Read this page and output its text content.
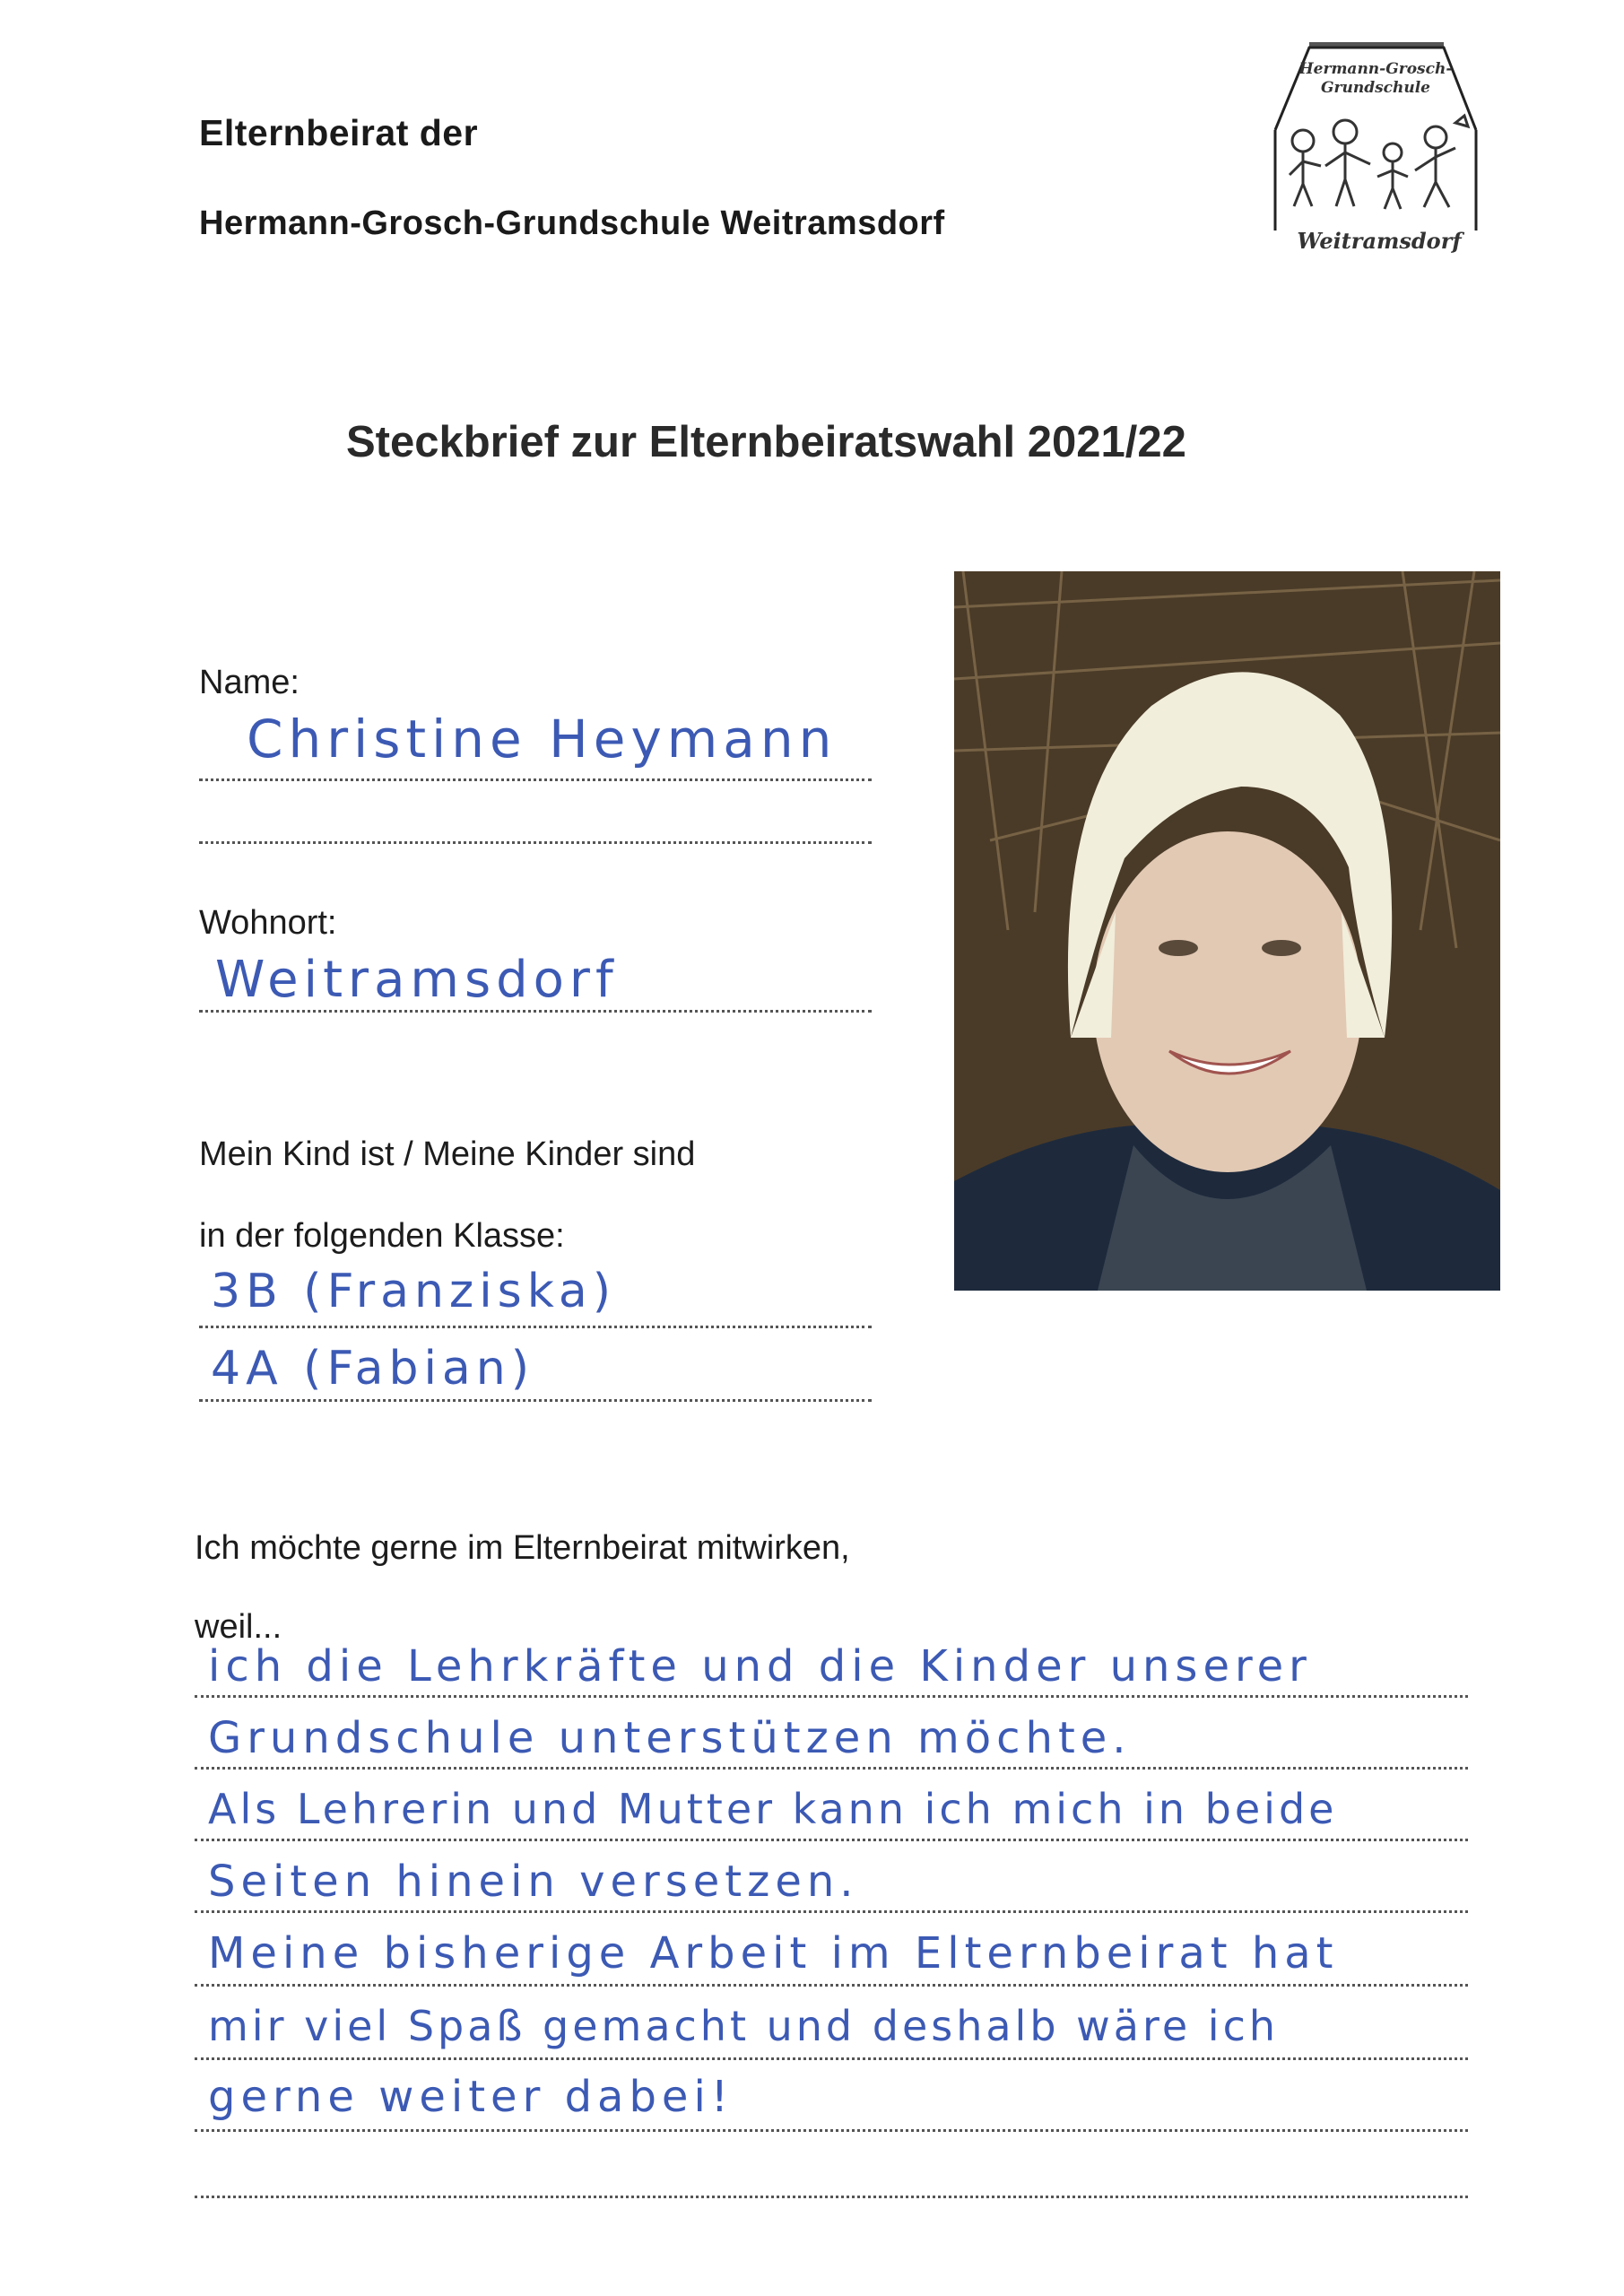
Elternbeirat der
Hermann-Grosch-Grundschule Weitramsdorf
Hermann-Grosch-
Grundschule
Weitramsdorf
Steckbrief zur Elternbeiratswahl 2021/22
Name:
Christine Heymann
Wohnort:
Weitramsdorf
Mein Kind ist / Meine Kinder sind
in der folgenden Klasse:
3B (Franziska)
4A (Fabian)
Ich möchte gerne im Elternbeirat mitwirken,
weil...
ich die Lehrkräfte und die Kinder unserer
Grundschule unterstützen möchte.
Als Lehrerin und Mutter kann ich mich in beide
Seiten hinein versetzen.
Meine bisherige Arbeit im Elternbeirat hat
mir viel Spaß gemacht und deshalb wäre ich
gerne weiter dabei!
